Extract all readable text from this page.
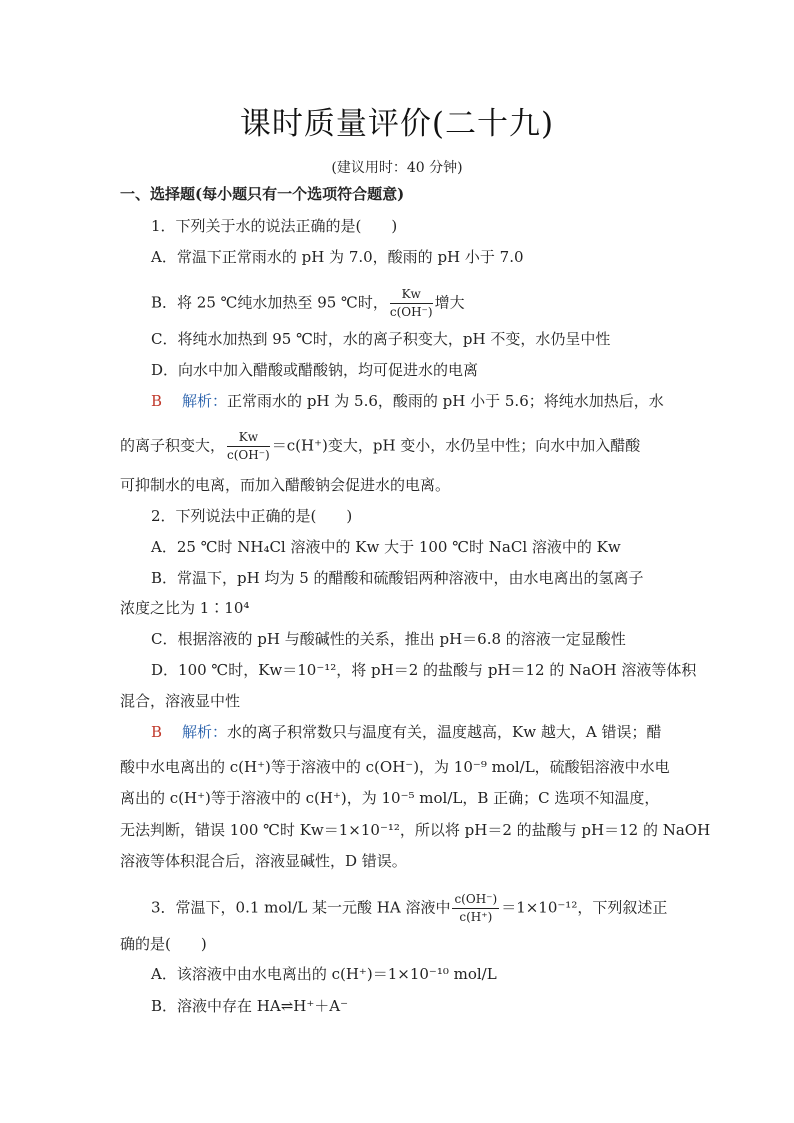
课时质量评价(二十九)
(建议用时：40 分钟)
一、选择题(每小题只有一个选项符合题意)
1．下列关于水的说法正确的是(　　)
A．常温下正常雨水的 pH 为 7.0，酸雨的 pH 小于 7.0
B．将 25 ℃纯水加热至 95 ℃时， $\frac{Kw}{c(OH^-)}$ 增大
C．将纯水加热到 95 ℃时，水的离子积变大，pH 不变，水仍呈中性
D．向水中加入醋酸或醋酸钠，均可促进水的电离
B 解析：正常雨水的 pH 为 5.6，酸雨的 pH 小于 5.6；将纯水加热后，水
的离子积变大， $\frac{Kw}{c(OH^-)} =c(H^+)$变大，pH 变小，水仍呈中性；向水中加入醋酸
可抑制水的电离，而加入醋酸钠会促进水的电离。
2．下列说法中正确的是(　　)
A．25 ℃时 NH₄Cl 溶液中的 Kw 大于 100 ℃时 NaCl 溶液中的 Kw
B．常温下，pH 均为 5 的醋酸和硫酸铝两种溶液中，由水电离出的氢离子
浓度之比为 1∶10⁴
C．根据溶液的 pH 与酸碱性的关系，推出 pH＝6.8 的溶液一定显酸性
D．100 ℃时，Kw＝10⁻¹²，将 pH＝2 的盐酸与 pH＝12 的 NaOH 溶液等体积
混合，溶液显中性
B 解析：水的离子积常数只与温度有关，温度越高，Kw 越大，A 错误；醋
酸中水电离出的 c(H⁺)等于溶液中的 c(OH⁻)，为 10⁻⁹ mol/L，硫酸铝溶液中水电
离出的 c(H⁺)等于溶液中的 c(H⁺)，为 10⁻⁵ mol/L，B 正确；C 选项不知温度，
无法判断，错误 100 ℃时 Kw＝1×10⁻¹²，所以将 pH＝2 的盐酸与 pH＝12 的 NaOH
溶液等体积混合后，溶液显碱性，D 错误。
3．常温下，0.1 mol/L 某一元酸 HA 溶液中 $\frac{c(OH^-)}{c(H^+)} =1\times 10^{-12}$，下列叙述正
确的是(　　)
A．该溶液中由水电离出的 c(H⁺)＝1×10⁻¹⁰ mol/L
B．溶液中存在 HA⇌H⁺＋A⁻
